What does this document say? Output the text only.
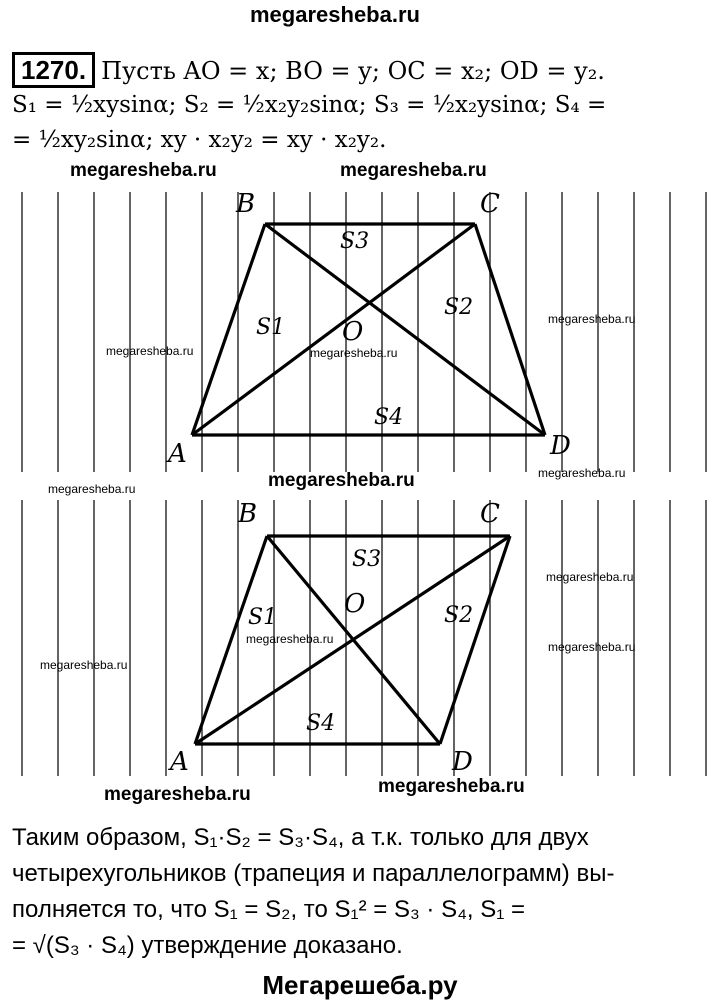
megaresheba.ru
1270. Пусть AO = x; BO = y; OC = x₂; OD = y₂.
S₁ = ½xysinα; S₂ = ½x₂y₂sinα; S₃ = ½x₂ysinα; S₄ =
= ½xy₂sinα; xy · x₂y₂ = xy · x₂y₂.
megaresheba.ru	megaresheba.ru
B	C
A	D
O
S1
S2
S3
S4
megaresheba.ru	megaresheba.ru
megaresheba.ru
megaresheba.ru
megaresheba.ru
megaresheba.ru
B	C
A	D
O
S1	S2
S3
S4
megaresheba.ru
megaresheba.ru
megaresheba.ru
megaresheba.ru
megaresheba.ru	megaresheba.ru
Таким образом, S₁·S₂ = S₃·S₄, а т.к. только для двух
четырехугольников (трапеция и параллелограмм) вы-
полняется то, что S₁ = S₂, то S₁² = S₃ · S₄, S₁ =
= √(S₃ · S₄) утверждение доказано.
Мегарешеба.ру
